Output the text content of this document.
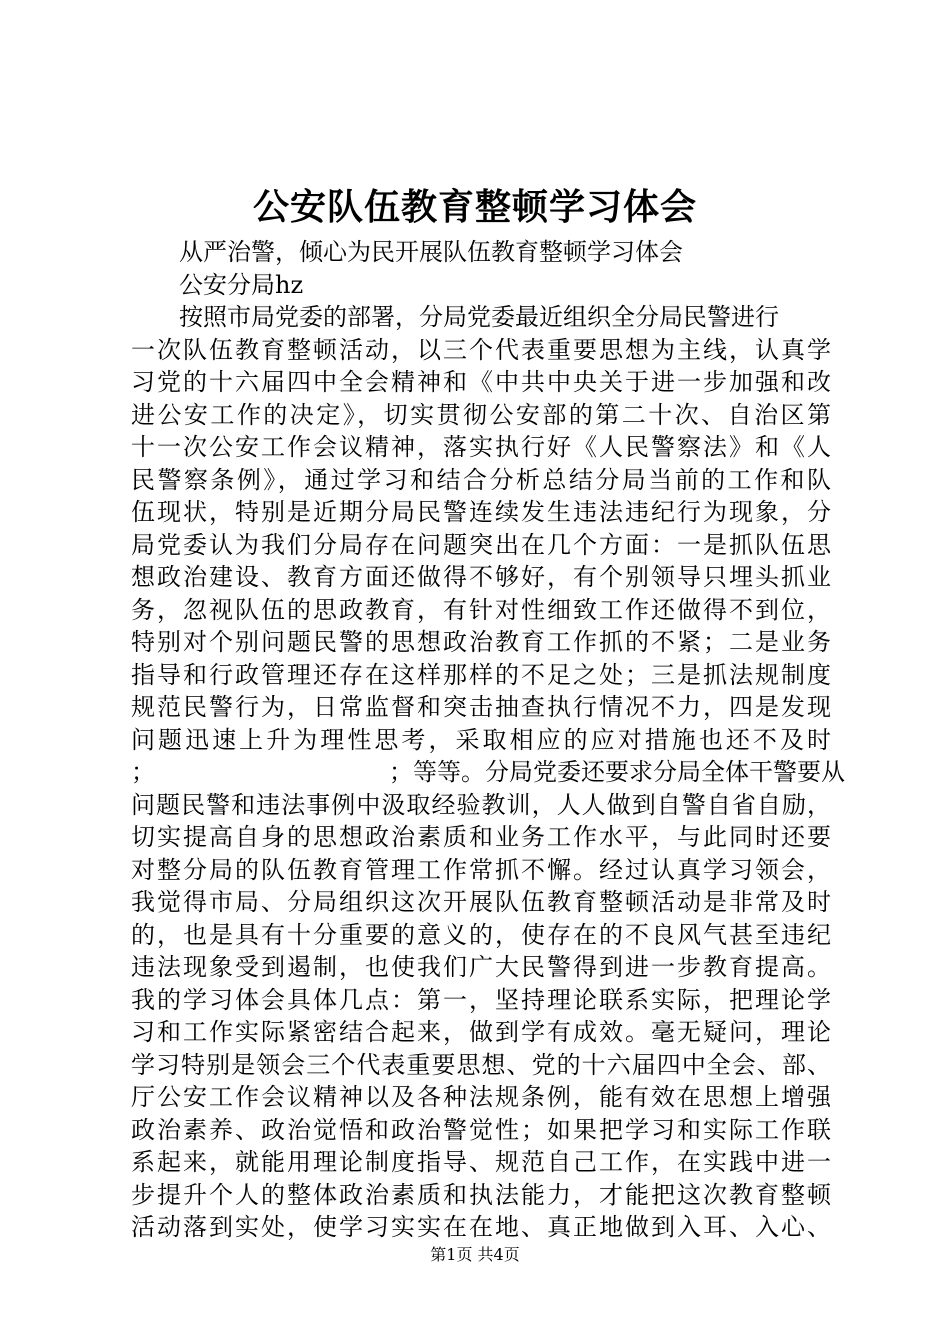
公安队伍教育整顿学习体会
从严治警，倾心为民开展队伍教育整顿学习体会
公安分局hz
按照市局党委的部署，分局党委最近组织全分局民警进行
一次队伍教育整顿活动，以三个代表重要思想为主线，认真学
习党的十六届四中全会精神和《中共中央关于进一步加强和改
进公安工作的决定》，切实贯彻公安部的第二十次、自治区第
十一次公安工作会议精神，落实执行好《人民警察法》和《人
民警察条例》，通过学习和结合分析总结分局当前的工作和队
伍现状，特别是近期分局民警连续发生违法违纪行为现象，分
局党委认为我们分局存在问题突出在几个方面：一是抓队伍思
想政治建设、教育方面还做得不够好，有个别领导只埋头抓业
务，忽视队伍的思政教育，有针对性细致工作还做得不到位，
特别对个别问题民警的思想政治教育工作抓的不紧；二是业务
指导和行政管理还存在这样那样的不足之处；三是抓法规制度
规范民警行为，日常监督和突击抽查执行情况不力，四是发现
问题迅速上升为理性思考，采取相应的应对措施也还不及时
；	；等等。分局党委还要求分局全体干警要从
问题民警和违法事例中汲取经验教训，人人做到自警自省自励，
切实提高自身的思想政治素质和业务工作水平，与此同时还要
对整分局的队伍教育管理工作常抓不懈。经过认真学习领会，
我觉得市局、分局组织这次开展队伍教育整顿活动是非常及时
的，也是具有十分重要的意义的，使存在的不良风气甚至违纪
违法现象受到遏制，也使我们广大民警得到进一步教育提高。
我的学习体会具体几点：第一，坚持理论联系实际，把理论学
习和工作实际紧密结合起来，做到学有成效。毫无疑问，理论
学习特别是领会三个代表重要思想、党的十六届四中全会、部、
厅公安工作会议精神以及各种法规条例，能有效在思想上增强
政治素养、政治觉悟和政治警觉性；如果把学习和实际工作联
系起来，就能用理论制度指导、规范自己工作，在实践中进一
步提升个人的整体政治素质和执法能力，才能把这次教育整顿
活动落到实处，使学习实实在在地、真正地做到入耳、入心、
第1页 共4页
